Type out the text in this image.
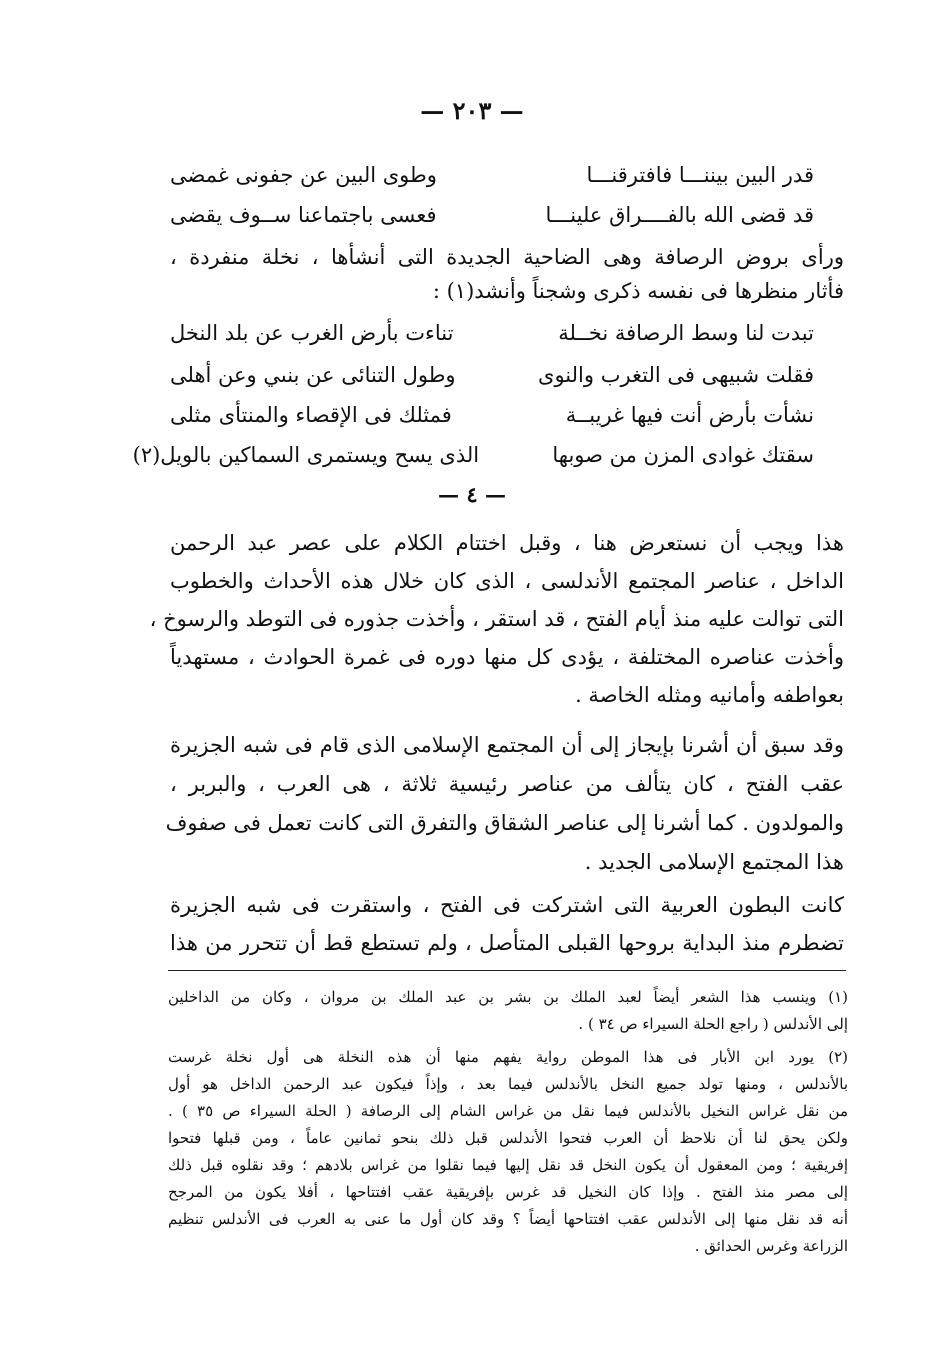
— ٢٠٣ —
قدر البين بيننـــا فافترقنـــا
وطوى البين عن جفونى غمضى
قد قضى الله بالفــــراق علينـــا
فعسى باجتماعنا ســوف يقضى
ورأى بروض الرصافة وهى الضاحية الجديدة التى أنشأها ، نخلة منفردة ،
فأثار منظرها فى نفسه ذكرى وشجناً وأنشد(١) :
تبدت لنا وسط الرصافة نخــلة
تناءت بأرض الغرب عن بلد النخل
فقلت شبيهى فى التغرب والنوى
وطول التنائى عن بنىي وعن أهلى
نشأت بأرض أنت فيها غريبــة
فمثلك فى الإقصاء والمنتأى مثلى
سقتك غوادى المزن من صوبها
الذى يسح ويستمرى السماكين بالويل(٢)
— ٤ —
هذا ويجب أن نستعرض هنا ، وقبل اختتام الكلام على عصر عبد الرحمن
الداخل ، عناصر المجتمع الأندلسى ، الذى كان خلال هذه الأحداث والخطوب
التى توالت عليه منذ أيام الفتح ، قد استقر ، وأخذت جذوره فى التوطد والرسوخ ،
وأخذت عناصره المختلفة ، يؤدى كل منها دوره فى غمرة الحوادث ، مستهدياً
بعواطفه وأمانيه ومثله الخاصة .
وقد سبق أن أشرنا بإيجاز إلى أن المجتمع الإسلامى الذى قام فى شبه الجزيرة
عقب الفتح ، كان يتألف من عناصر رئيسية ثلاثة ، هى العرب ، والبربر ،
والمولدون . كما أشرنا إلى عناصر الشقاق والتفرق التى كانت تعمل فى صفوف
هذا المجتمع الإسلامى الجديد .
كانت البطون العربية التى اشتركت فى الفتح ، واستقرت فى شبه الجزيرة
تضطرم منذ البداية بروحها القبلى المتأصل ، ولم تستطع قط أن تتحرر من هذا
(١) وينسب هذا الشعر أيضاً لعبد الملك بن بشر بن عبد الملك بن مروان ، وكان من الداخلين
إلى الأندلس ( راجع الحلة السيراء ص ٣٤ ) .
(٢) يورد ابن الأبار فى هذا الموطن رواية يفهم منها أن هذه النخلة هى أول نخلة غرست
بالأندلس ، ومنها تولد جميع النخل بالأندلس فيما بعد ، وإذاً فيكون عبد الرحمن الداخل هو أول
من نقل غراس النخيل بالأندلس فيما نقل من غراس الشام إلى الرصافة ( الحلة السيراء ص ٣٥ ) .
ولكن يحق لنا أن نلاحظ أن العرب فتحوا الأندلس قبل ذلك بنحو ثمانين عاماً ، ومن قبلها فتحوا
إفريقية ؛ ومن المعقول أن يكون النخل قد نقل إليها فيما نقلوا من غراس بلادهم ؛ وقد نقلوه قبل ذلك
إلى مصر منذ الفتح . وإذا كان النخيل قد غرس بإفريقية عقب افتتاحها ، أفلا يكون من المرجح
أنه قد نقل منها إلى الأندلس عقب افتتاحها أيضاً ؟ وقد كان أول ما عنى به العرب فى الأندلس تنظيم
الزراعة وغرس الحدائق .
